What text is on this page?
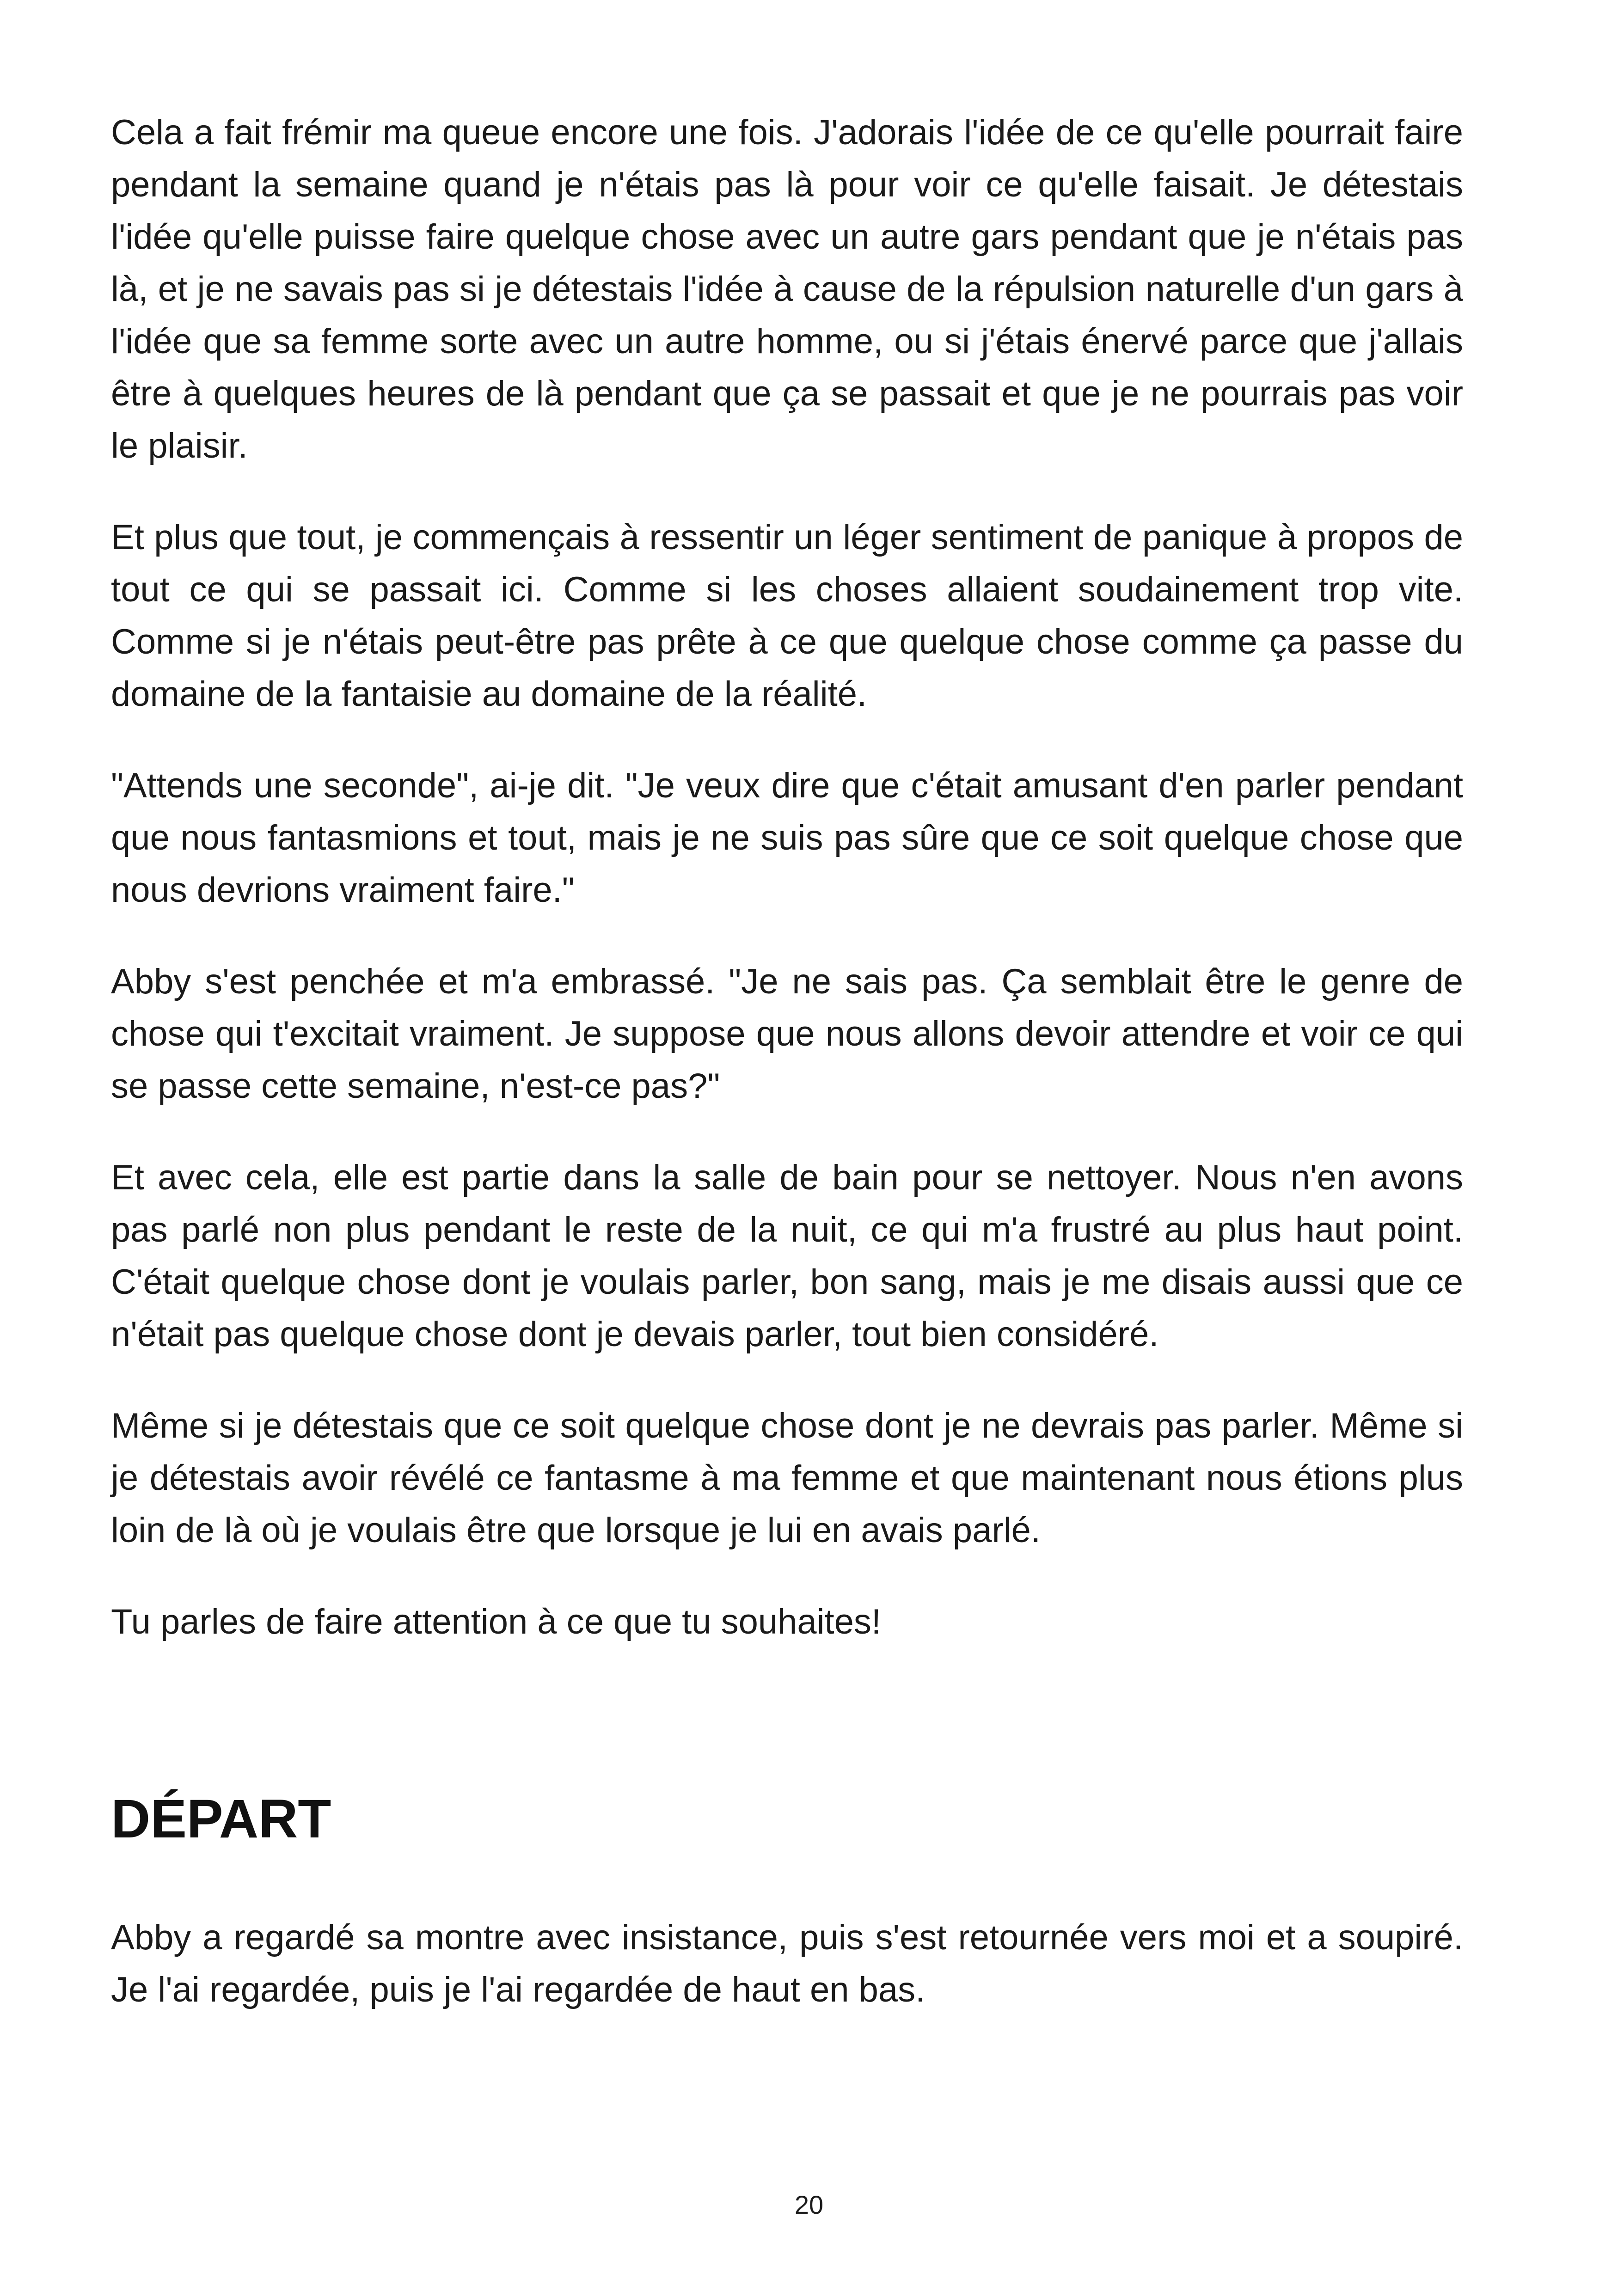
Cela a fait frémir ma queue encore une fois. J'adorais l'idée de ce qu'elle pourrait faire pendant la semaine quand je n'étais pas là pour voir ce qu'elle faisait. Je détestais l'idée qu'elle puisse faire quelque chose avec un autre gars pendant que je n'étais pas là, et je ne savais pas si je détestais l'idée à cause de la répulsion naturelle d'un gars à l'idée que sa femme sorte avec un autre homme, ou si j'étais énervé parce que j'allais être à quelques heures de là pendant que ça se passait et que je ne pourrais pas voir le plaisir.

Et plus que tout, je commençais à ressentir un léger sentiment de panique à propos de tout ce qui se passait ici. Comme si les choses allaient soudainement trop vite. Comme si je n'étais peut-être pas prête à ce que quelque chose comme ça passe du domaine de la fantaisie au domaine de la réalité.

"Attends une seconde", ai-je dit. "Je veux dire que c'était amusant d'en parler pendant que nous fantasmions et tout, mais je ne suis pas sûre que ce soit quelque chose que nous devrions vraiment faire."

Abby s'est penchée et m'a embrassé. "Je ne sais pas. Ça semblait être le genre de chose qui t'excitait vraiment. Je suppose que nous allons devoir attendre et voir ce qui se passe cette semaine, n'est-ce pas?"

Et avec cela, elle est partie dans la salle de bain pour se nettoyer. Nous n'en avons pas parlé non plus pendant le reste de la nuit, ce qui m'a frustré au plus haut point. C'était quelque chose dont je voulais parler, bon sang, mais je me disais aussi que ce n'était pas quelque chose dont je devais parler, tout bien considéré.

Même si je détestais que ce soit quelque chose dont je ne devrais pas parler. Même si je détestais avoir révélé ce fantasme à ma femme et que maintenant nous étions plus loin de là où je voulais être que lorsque je lui en avais parlé.

Tu parles de faire attention à ce que tu souhaites!

DÉPART

Abby a regardé sa montre avec insistance, puis s'est retournée vers moi et a soupiré. Je l'ai regardée, puis je l'ai regardée de haut en bas.

20
